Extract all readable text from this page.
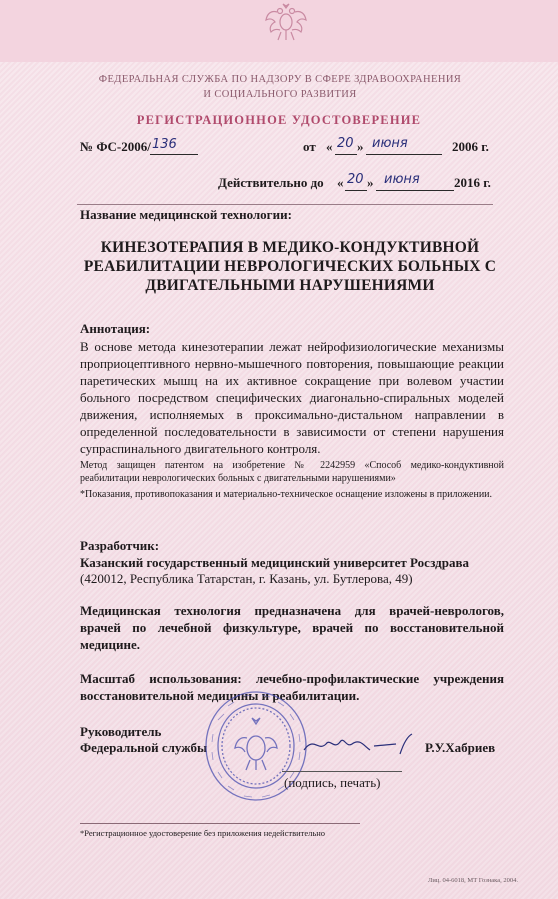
ФЕДЕРАЛЬНАЯ СЛУЖБА ПО НАДЗОРУ В СФЕРЕ ЗДРАВООХРАНЕНИЯ
И СОЦИАЛЬНОГО РАЗВИТИЯ
РЕГИСТРАЦИОННОЕ УДОСТОВЕРЕНИЕ
№ ФС-2006/ 136	от « 20 » июня	2006 г.
Действительно до « 20 » июня	2016 г.
Название медицинской технологии:
КИНЕЗОТЕРАПИЯ В МЕДИКО-КОНДУКТИВНОЙ
РЕАБИЛИТАЦИИ НЕВРОЛОГИЧЕСКИХ БОЛЬНЫХ С
ДВИГАТЕЛЬНЫМИ НАРУШЕНИЯМИ
Аннотация:
В основе метода кинезотерапии лежат нейрофизиологические механизмы проприоцептивного нервно-мышечного повторения, повышающие реакции паретических мышц на их активное сокращение при волевом участии больного посредством специфических диагонально-спиральных моделей движения, исполняемых в проксимально-дистальном направлении в определенной последовательности в зависимости от степени нарушения супраспинального двигательного контроля.
Метод защищен патентом на изобретение № 2242959 «Способ медико-кондуктивной реабилитации неврологических больных с двигательными нарушениями»
*Показания, противопоказания и материально-техническое оснащение изложены в приложении.
Разработчик:
Казанский государственный медицинский университет Росздрава
(420012, Республика Татарстан, г. Казань, ул. Бутлерова, 49)
Медицинская технология предназначена для врачей-неврологов, врачей по лечебной физкультуре, врачей по восстановительной медицине.
Масштаб использования: лечебно-профилактические учреждения восстановительной медицины и реабилитации.
Руководитель
Федеральной службы	Р.У.Хабриев
(подпись, печать)
*Регистрационное удостоверение без приложения недействительно
Лиц. 04-6018, МТ Гознака, 2004.
